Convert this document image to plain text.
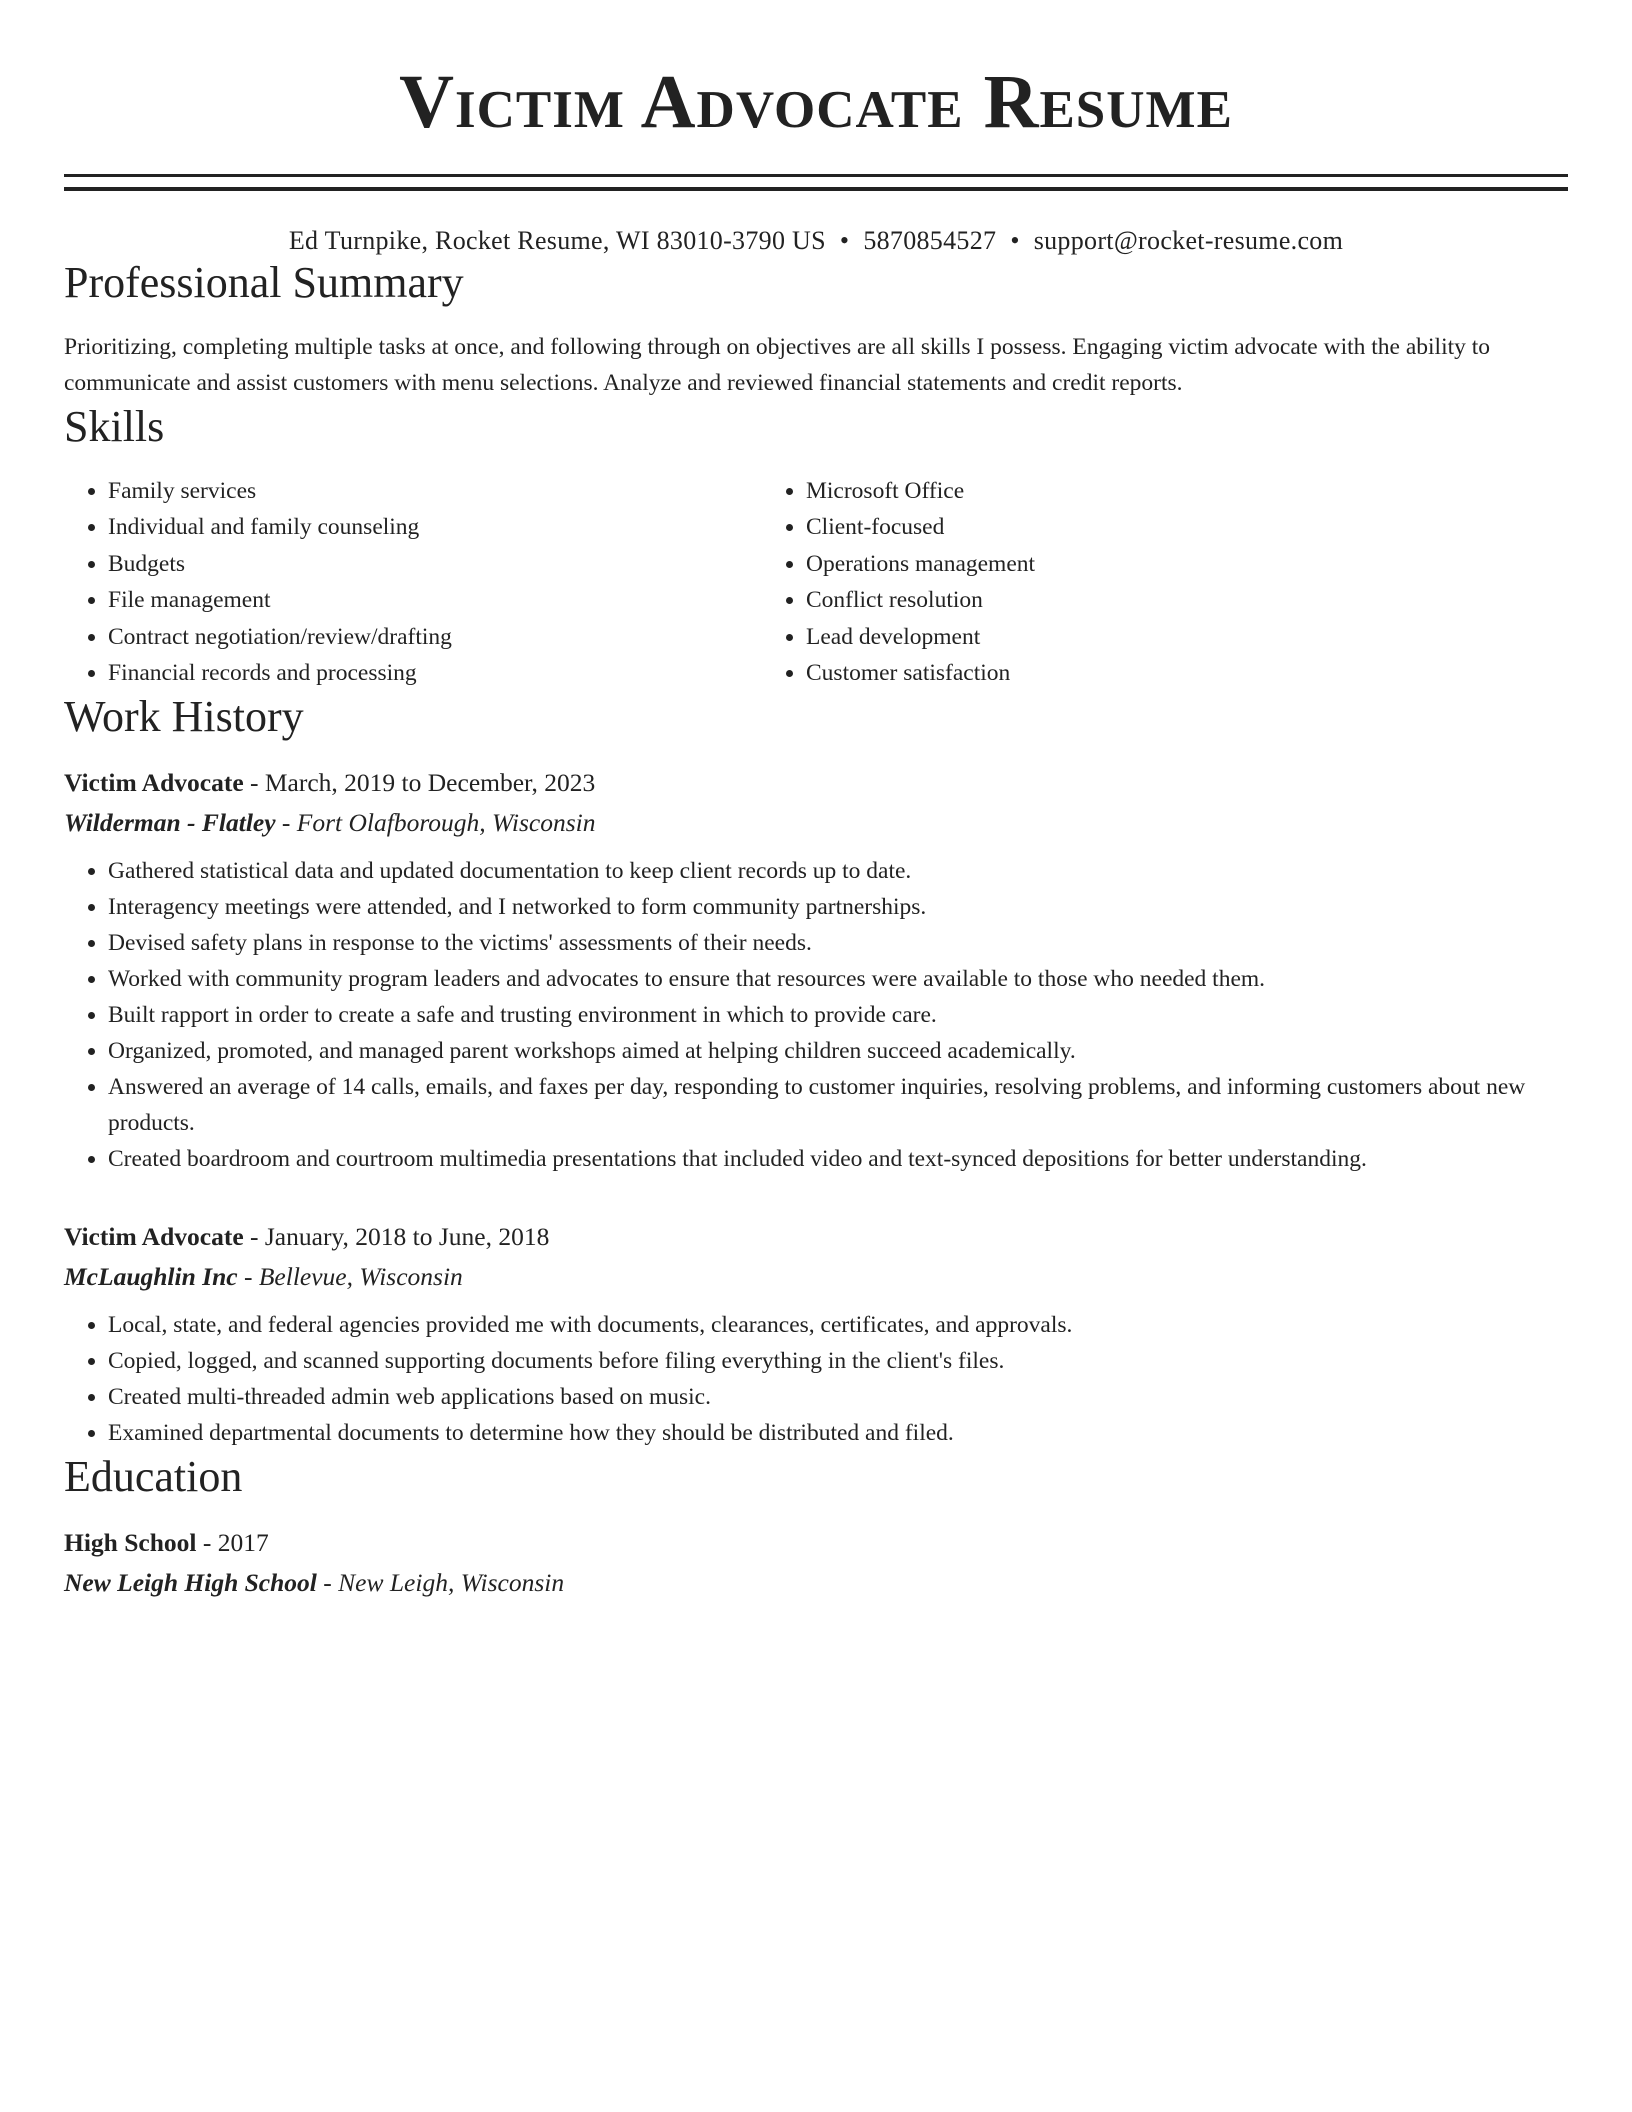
Victim Advocate Resume
Ed Turnpike, Rocket Resume, WI 83010-3790 US • 5870854527 • support@rocket-resume.com
Professional Summary

Prioritizing, completing multiple tasks at once, and following through on objectives are all skills I possess. Engaging victim advocate with the ability to communicate and assist customers with menu selections. Analyze and reviewed financial statements and credit reports.

Skills
• Family services
• Individual and family counseling
• Budgets
• File management
• Contract negotiation/review/drafting
• Financial records and processing
• Microsoft Office
• Client-focused
• Operations management
• Conflict resolution
• Lead development
• Customer satisfaction
Work History
Victim Advocate - March, 2019 to December, 2023
Wilderman - Flatley - Fort Olafborough, Wisconsin
• Gathered statistical data and updated documentation to keep client records up to date.
• Interagency meetings were attended, and I networked to form community partnerships.
• Devised safety plans in response to the victims' assessments of their needs.
• Worked with community program leaders and advocates to ensure that resources were available to those who needed them.
• Built rapport in order to create a safe and trusting environment in which to provide care.
• Organized, promoted, and managed parent workshops aimed at helping children succeed academically.
• Answered an average of 14 calls, emails, and faxes per day, responding to customer inquiries, resolving problems, and informing customers about new products.
• Created boardroom and courtroom multimedia presentations that included video and text-synced depositions for better understanding.
Victim Advocate - January, 2018 to June, 2018
McLaughlin Inc - Bellevue, Wisconsin
• Local, state, and federal agencies provided me with documents, clearances, certificates, and approvals.
• Copied, logged, and scanned supporting documents before filing everything in the client's files.
• Created multi-threaded admin web applications based on music.
• Examined departmental documents to determine how they should be distributed and filed.
Education
High School - 2017
New Leigh High School - New Leigh, Wisconsin
